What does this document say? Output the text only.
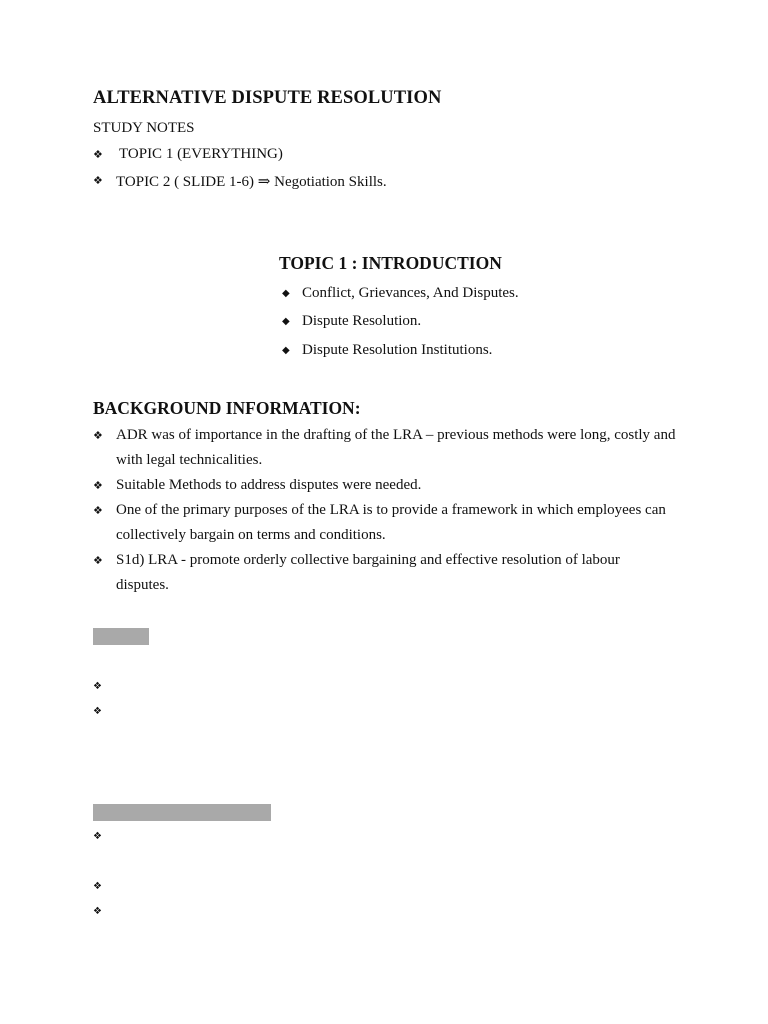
ALTERNATIVE DISPUTE RESOLUTION
STUDY NOTES
❖ TOPIC 1 (EVERYTHING)
❖ TOPIC 2 ( SLIDE 1-6) ⇒ Negotiation Skills.
TOPIC 1 : INTRODUCTION
◆ Conflict, Grievances, And Disputes.
◆ Dispute Resolution.
◆ Dispute Resolution Institutions.
BACKGROUND INFORMATION:
❖ ADR was of importance in the drafting of the LRA – previous methods were long, costly and with legal technicalities.
❖ Suitable Methods to address disputes were needed.
❖ One of the primary purposes of the LRA is to provide a framework in which employees can collectively bargain on terms and conditions.
❖ S1d) LRA - promote orderly collective bargaining and effective resolution of labour disputes.
❖
❖
❖
❖
❖
